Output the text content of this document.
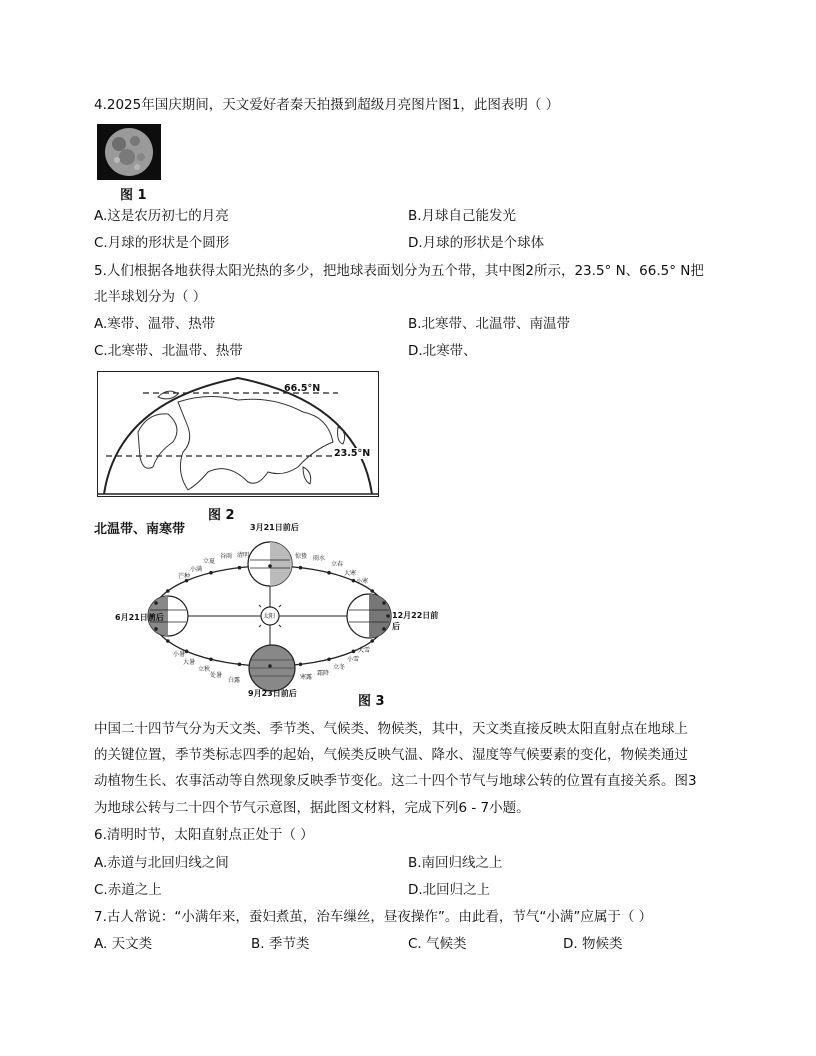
4.2025年国庆期间，天文爱好者秦天拍摄到超级月亮图片图1，此图表明（ ）
图 1
A.这是农历初七的月亮	B.月球自己能发光
C.月球的形状是个圆形	D.月球的形状是个球体
5.人们根据各地获得太阳光热的多少，把地球表面划分为五个带，其中图2所示，23.5° N、66.5° N把
北半球划分为（ ）
A.寒带、温带、热带	B.北寒带、北温带、南温带
C.北寒带、北温带、热带	D.北寒带、
66.5°N
23.5°N
图 2
北温带、南寒带	3月21日前后
6月21日前后	12月22日前后
9月23日前后
太阳
芒种
小满
立夏
谷雨 清明	惊蛰 雨水
立春
大寒
小寒
小暑
大暑
立秋
处暑
白露
大雪
小雪
立冬
霜降
寒露
图 3
中国二十四节气分为天文类、季节类、气候类、物候类，其中，天文类直接反映太阳直射点在地球上
的关键位置，季节类标志四季的起始，气候类反映气温、降水、湿度等气候要素的变化，物候类通过
动植物生长、农事活动等自然现象反映季节变化。这二十四个节气与地球公转的位置有直接关系。图3
为地球公转与二十四个节气示意图，据此图文材料，完成下列6 - 7小题。
6.清明时节，太阳直射点正处于（ ）
A.赤道与北回归线之间	B.南回归线之上
C.赤道之上	D.北回归之上
7.古人常说：“小满年来，蚕妇煮茧，治车缫丝，昼夜操作”。由此看，节气“小满”应属于（ ）
A. 天文类	B. 季节类	C. 气候类	D. 物候类
